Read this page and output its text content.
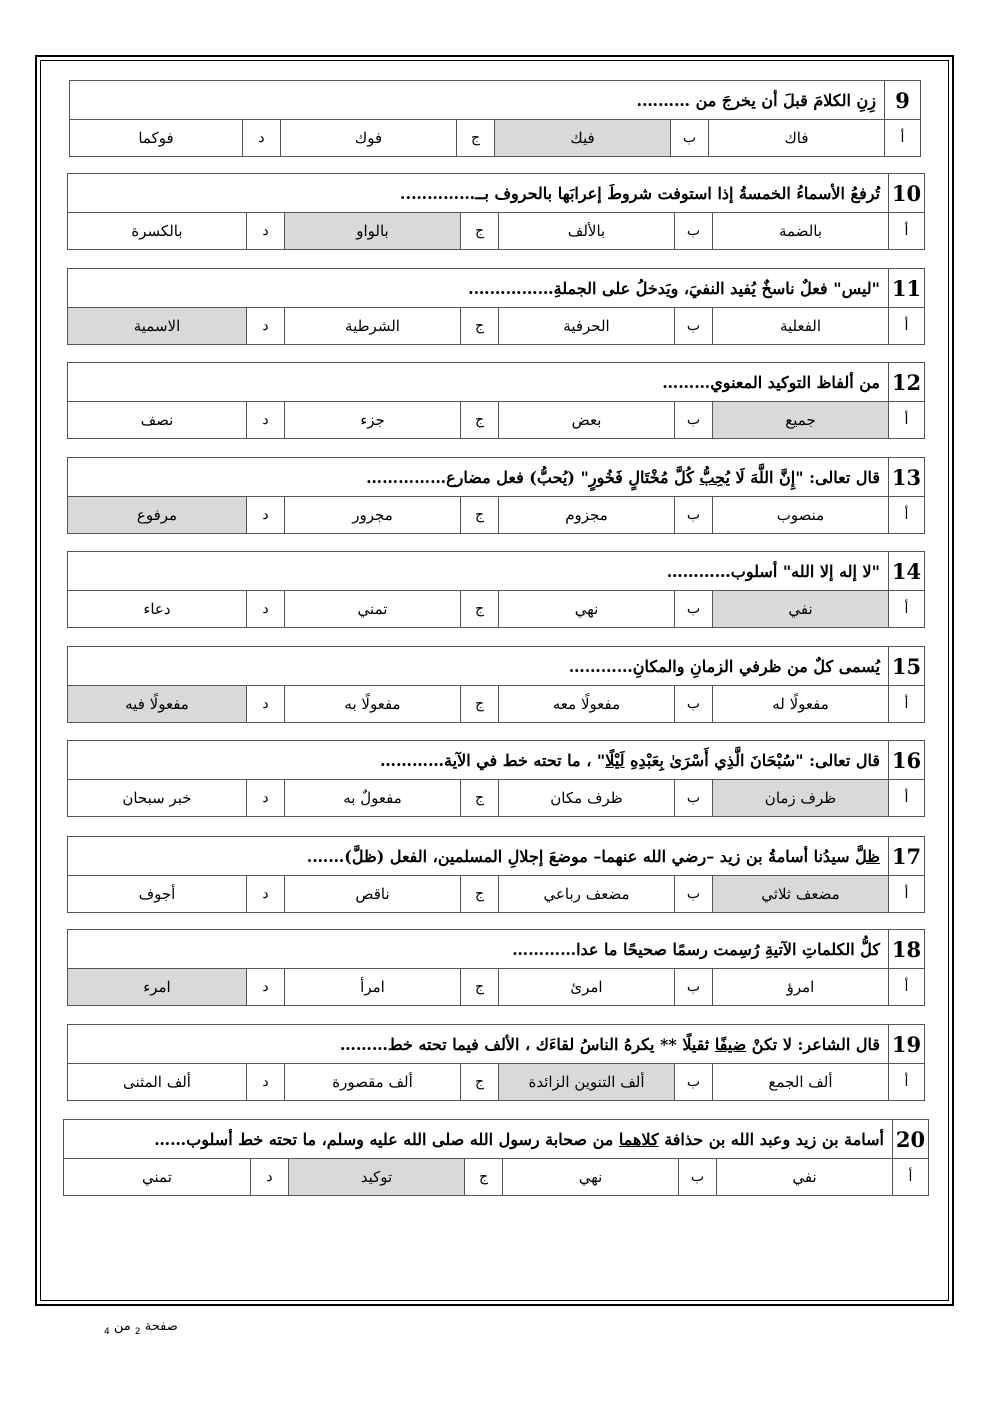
9	زِنِ الكلامَ قبلَ أن يخرجَ من ……….						
أ	فاك	ب	فيك	ج	فوك	د	فوكما
10	تُرفعُ الأسماءُ الخمسةُ إذا استوفت شروطَ إعرابَها بالحروف بــ…………..						
أ	بالضمة	ب	بالألف	ج	بالواو	د	بالكسرة
11	"ليس" فعلٌ ناسخٌ يُفيد النفيَ، ويَدخلُ على الجملةِ…………….						
أ	الفعلية	ب	الحرفية	ج	الشرطية	د	الاسمية
12	من ألفاظ التوكيد المعنوي………						
أ	جميع	ب	بعض	ج	جزء	د	نصف
13	قال تعالى: "إِنَّ اللَّهَ لَا يُحِبُّ كُلَّ مُخْتَالٍ فَخُورٍ" (يُحبُّ) فعل مضارع……………						
أ	منصوب	ب	مجزوم	ج	مجرور	د	مرفوع
14	"لا إله إلا الله" أسلوب…………						
أ	نفي	ب	نهي	ج	تمني	د	دعاء
15	يُسمى كلٌ من ظرفي الزمانِ والمكانِ…………						
أ	مفعولًا له	ب	مفعولًا معه	ج	مفعولًا به	د	مفعولًا فيه
16	قال تعالى: "سُبْحَانَ الَّذِي أَسْرَىٰ بِعَبْدِهِ لَيْلًا" ، ما تحته خط في الآية…………						
أ	ظرف زمان	ب	ظرف مكان	ج	مفعولٌ به	د	خبر سبحان
17	ظلَّ سيدُنا أسامةُ بن زيد –رضي الله عنهما– موضعَ إجلالِ المسلمين، الفعل (ظلَّ)…….						
أ	مضعف ثلاثي	ب	مضعف رباعي	ج	ناقص	د	أجوف
18	كلُّ الكلماتِ الآتيةِ رُسِمت رسمًا صحيحًا ما عدا…………						
أ	امرؤ	ب	امرئ	ج	امرأ	د	امرء
19	قال الشاعر: لا تكنْ ضيفًا ثقيلًا ** يكرهُ الناسُ لقاءَك ، الألف فيما تحته خط………						
أ	ألف الجمع	ب	ألف التنوين الزائدة	ج	ألف مقصورة	د	ألف المثنى
20	أسامة بن زيد وعبد الله بن حذافة كلاهما من صحابة رسول الله صلى الله عليه وسلم، ما تحته خط أسلوب……						
أ	نفي	ب	نهي	ج	توكيد	د	تمني
صفحة $_2$ من $_4$
